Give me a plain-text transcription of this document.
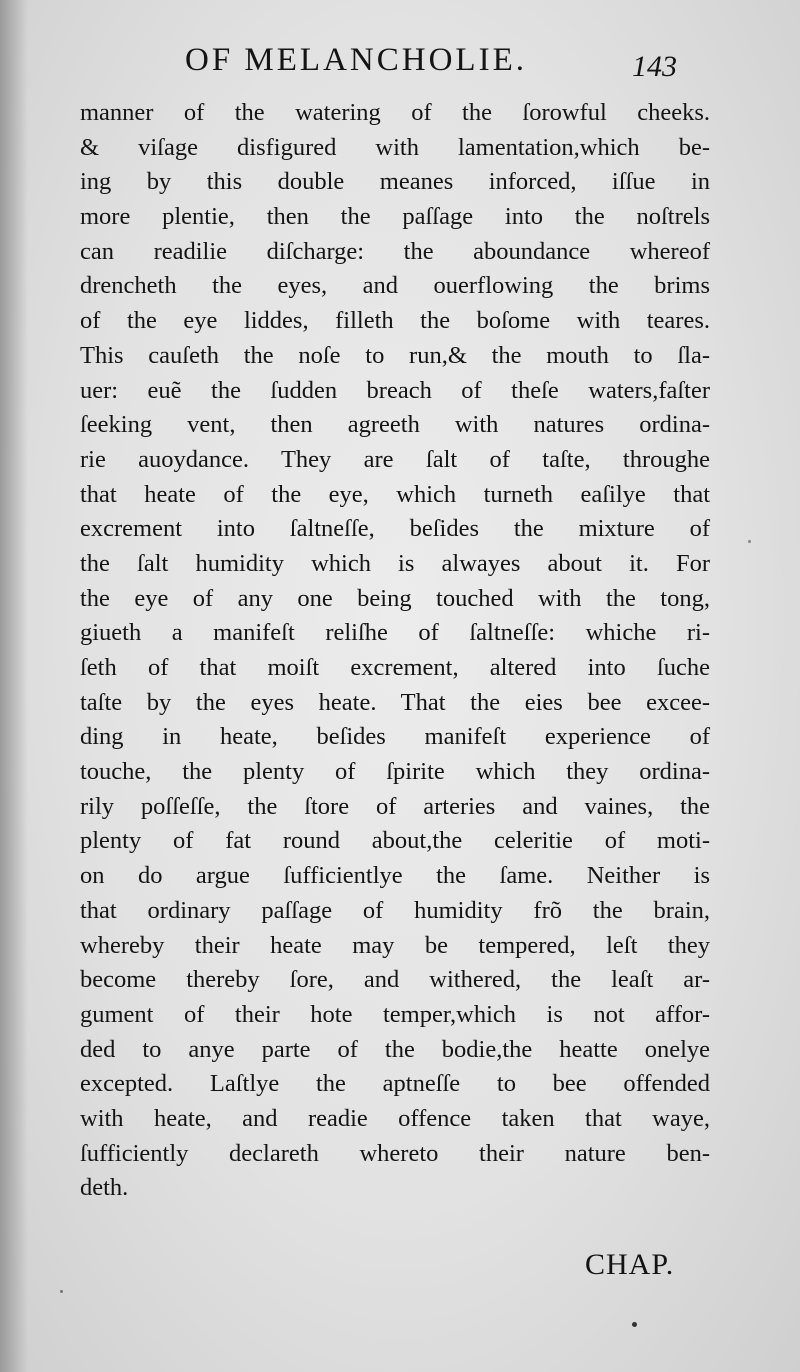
OF MELANCHOLIE.	143
manner of the watering of the ſorowful cheeks.
& viſage disfigured with lamentation,which be-
ing by this double meanes inforced, iſſue in
more plentie, then the paſſage into the noſtrels
can readilie diſcharge: the aboundance whereof
drencheth the eyes, and ouerflowing the brims
of the eye liddes, filleth the boſome with teares.
This cauſeth the noſe to run,& the mouth to ſla-
uer: euẽ the ſudden breach of theſe waters,faſter
ſeeking vent, then agreeth with natures ordina-
rie auoydance. They are ſalt of taſte, throughe
that heate of the eye, which turneth eaſilye that
excrement into ſaltneſſe, beſides the mixture of
the ſalt humidity which is alwayes about it. For
the eye of any one being touched with the tong,
giueth a manifeſt reliſhe of ſaltneſſe: whiche ri-
ſeth of that moiſt excrement, altered into ſuche
taſte by the eyes heate. That the eies bee excee-
ding in heate, beſides manifeſt experience of
touche, the plenty of ſpirite which they ordina-
rily poſſeſſe, the ſtore of arteries and vaines, the
plenty of fat round about,the celeritie of moti-
on do argue ſufficientlye the ſame. Neither is
that ordinary paſſage of humidity frõ the brain,
whereby their heate may be tempered, leſt they
become thereby ſore, and withered, the leaſt ar-
gument of their hote temper,which is not affor-
ded to anye parte of the bodie,the heatte onelye
excepted. Laſtlye the aptneſſe to bee offended
with heate, and readie offence taken that waye,
ſufficiently declareth whereto their nature ben-
deth.
CHAP.
